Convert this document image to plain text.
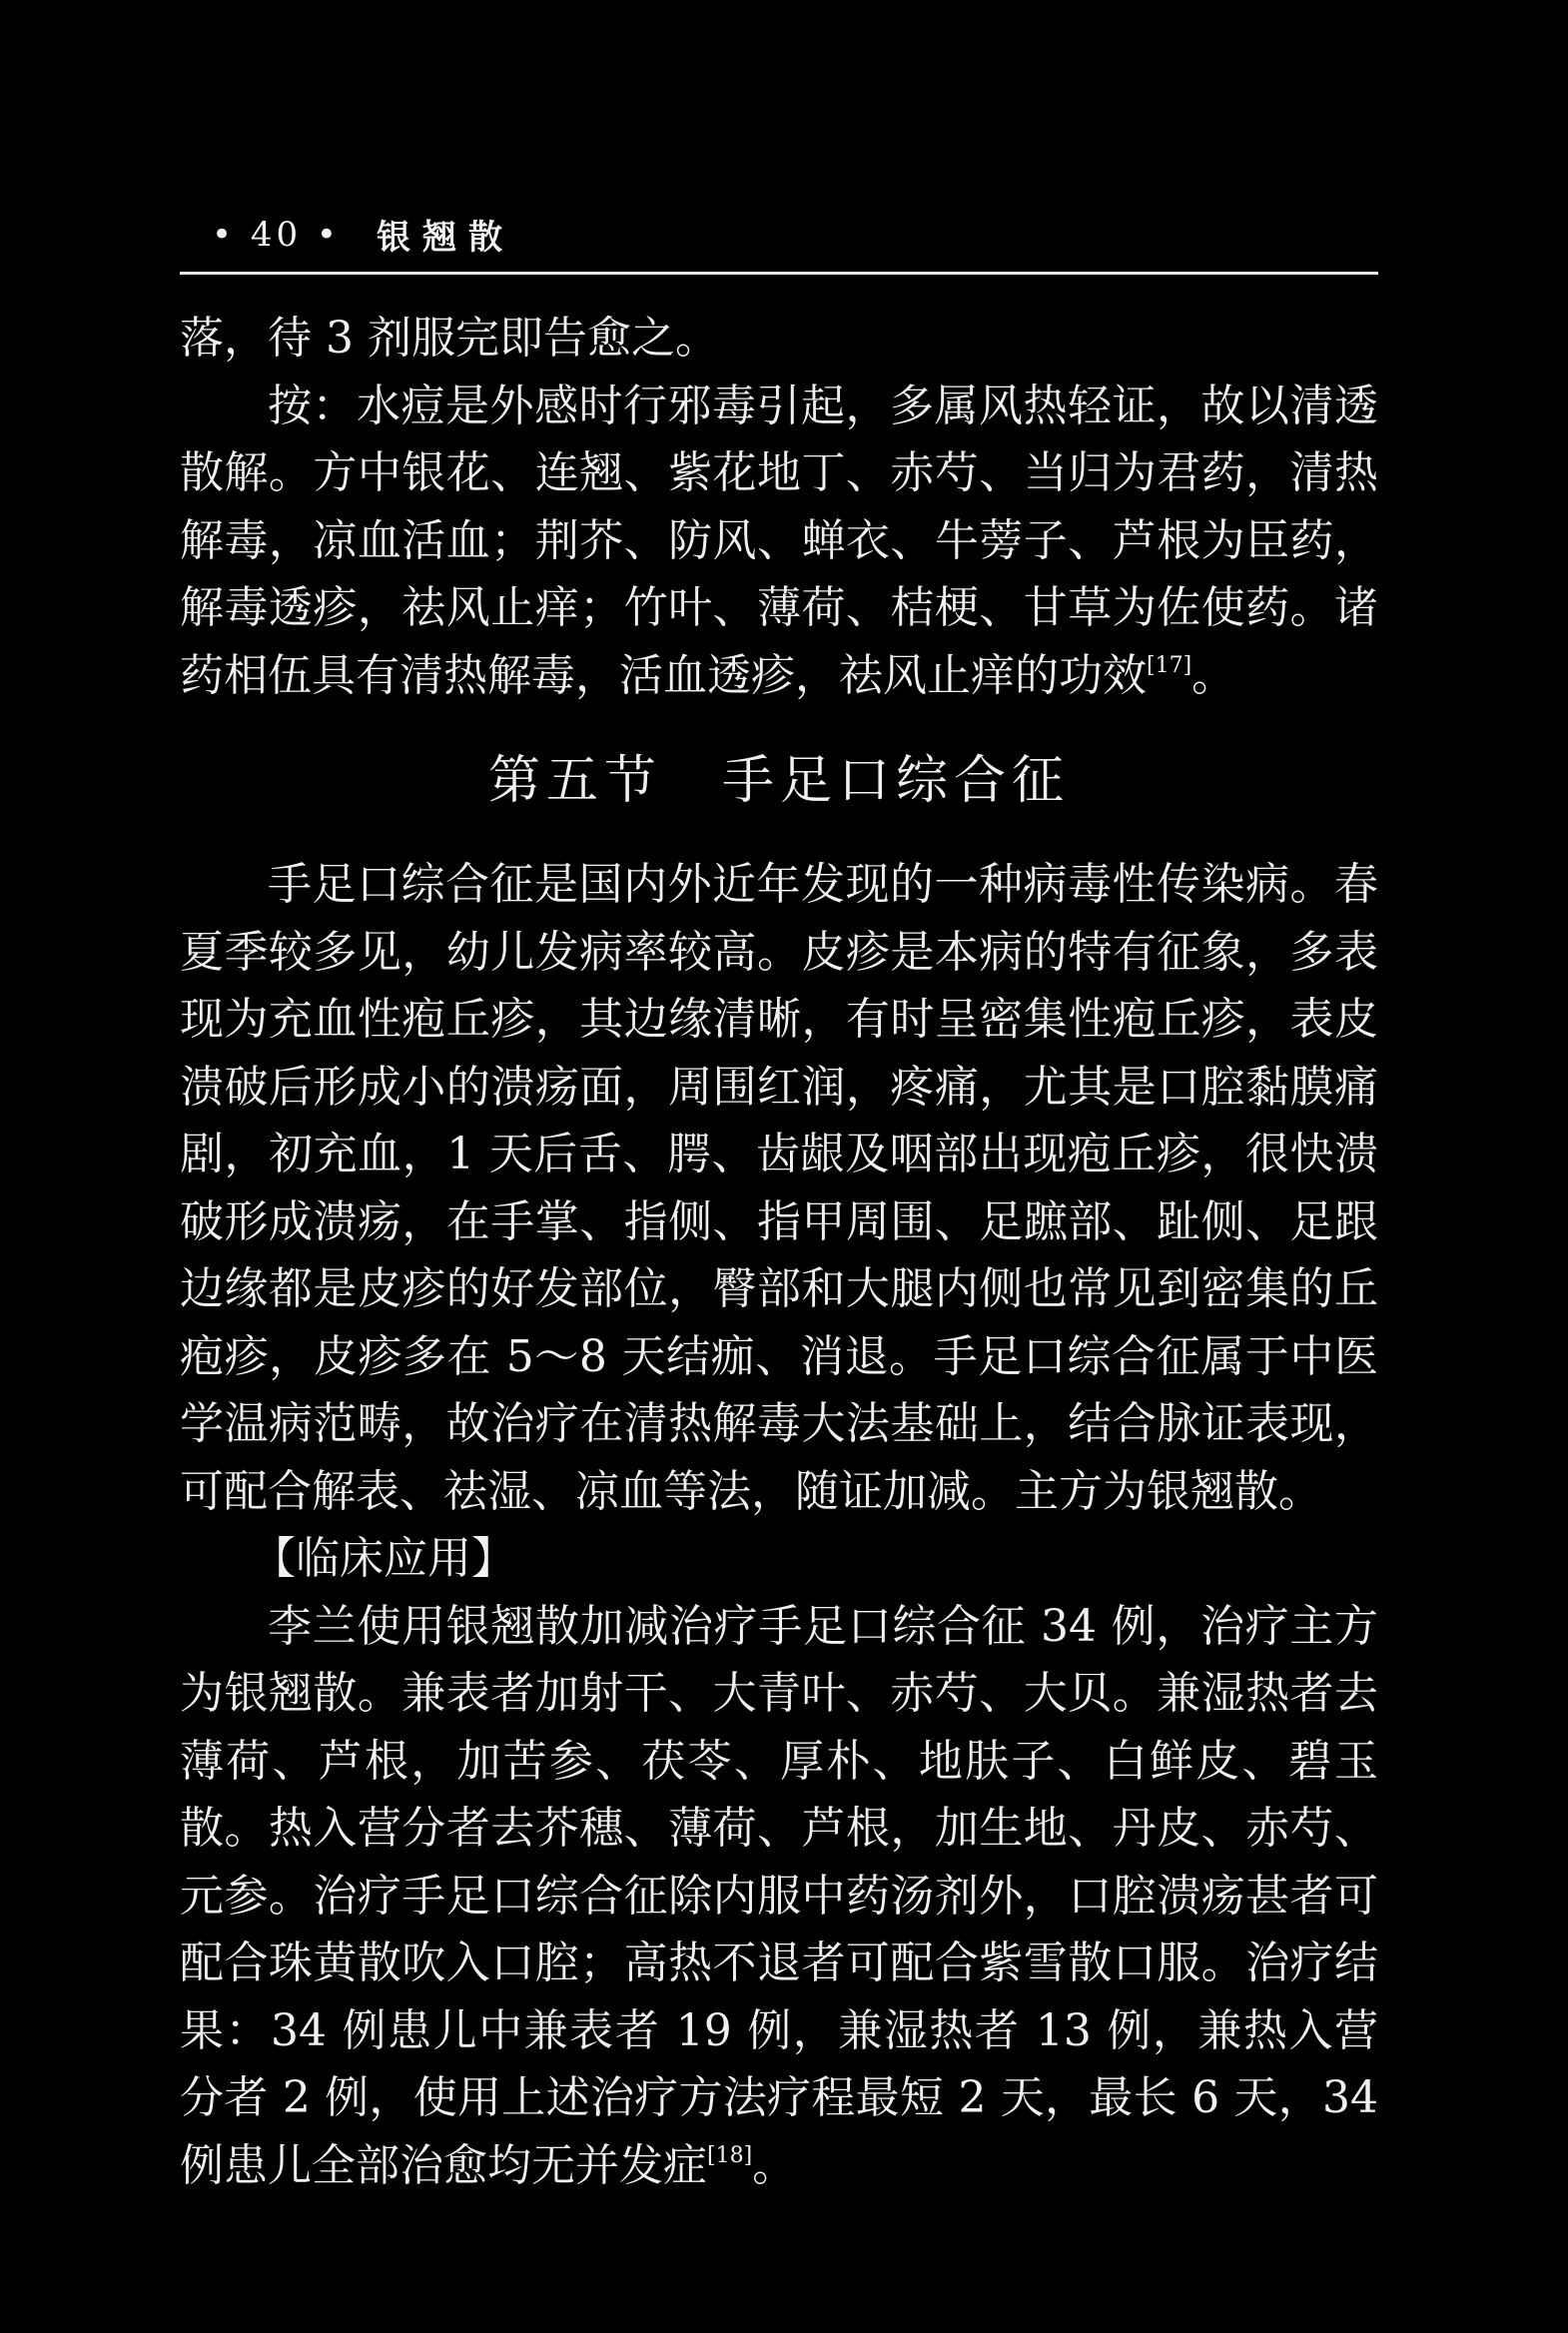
• 40 • 银翘散

落，待 3 剂服完即告愈之。

按：水痘是外感时行邪毒引起，多属风热轻证，故以清透散解。方中银花、连翘、紫花地丁、赤芍、当归为君药，清热解毒，凉血活血；荆芥、防风、蝉衣、牛蒡子、芦根为臣药，解毒透疹，祛风止痒；竹叶、薄荷、桔梗、甘草为佐使药。诸药相伍具有清热解毒，活血透疹，祛风止痒的功效[17]。

第五节 手足口综合征

手足口综合征是国内外近年发现的一种病毒性传染病。春夏季较多见，幼儿发病率较高。皮疹是本病的特有征象，多表现为充血性疱丘疹，其边缘清晰，有时呈密集性疱丘疹，表皮溃破后形成小的溃疡面，周围红润，疼痛，尤其是口腔黏膜痛剧，初充血，1 天后舌、腭、齿龈及咽部出现疱丘疹，很快溃破形成溃疡，在手掌、指侧、指甲周围、足蹠部、趾侧、足跟边缘都是皮疹的好发部位，臀部和大腿内侧也常见到密集的丘疱疹，皮疹多在 5～8 天结痂、消退。手足口综合征属于中医学温病范畴，故治疗在清热解毒大法基础上，结合脉证表现，可配合解表、祛湿、凉血等法，随证加减。主方为银翘散。

【临床应用】

李兰使用银翘散加减治疗手足口综合征 34 例，治疗主方为银翘散。兼表者加射干、大青叶、赤芍、大贝。兼湿热者去薄荷、芦根，加苦参、茯苓、厚朴、地肤子、白鲜皮、碧玉散。热入营分者去芥穗、薄荷、芦根，加生地、丹皮、赤芍、元参。治疗手足口综合征除内服中药汤剂外，口腔溃疡甚者可配合珠黄散吹入口腔；高热不退者可配合紫雪散口服。治疗结果：34 例患儿中兼表者 19 例，兼湿热者 13 例，兼热入营分者 2 例，使用上述治疗方法疗程最短 2 天，最长 6 天，34 例患儿全部治愈均无并发症[18]。
